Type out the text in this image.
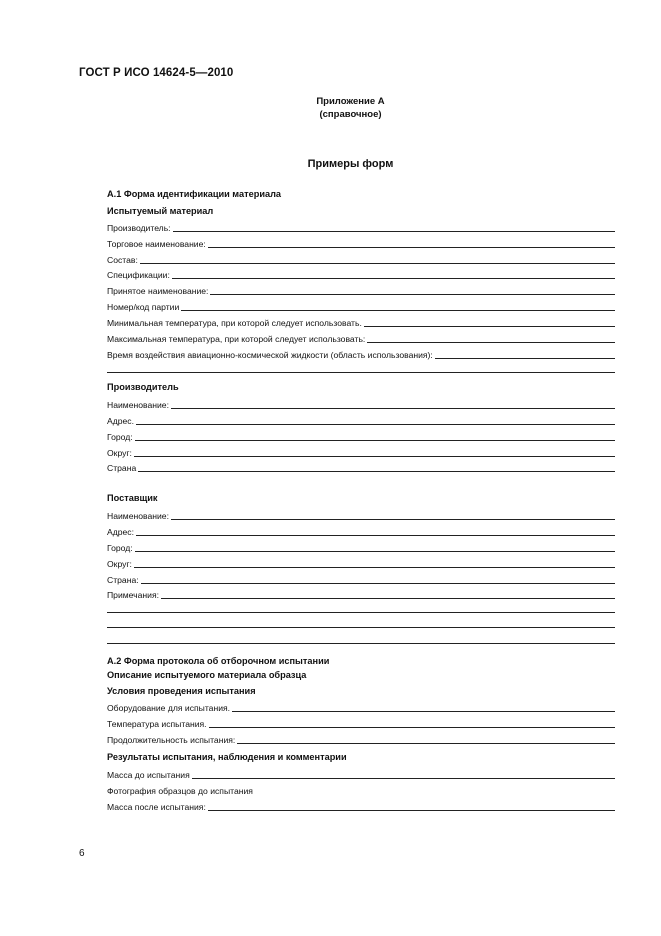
ГОСТ Р ИСО 14624-5—2010
Приложение А
(справочное)
Примеры форм
А.1 Форма идентификации материала
Испытуемый материал
Производитель:
Торговое наименование:
Состав:
Спецификации:
Принятое наименование:
Номер/код партии
Минимальная температура, при которой следует использовать.
Максимальная температура, при которой следует использовать:
Время воздействия авиационно-космической жидкости (область использования):
Производитель
Наименование:
Адрес.
Город:
Округ:
Страна
Поставщик
Наименование:
Адрес:
Город:
Округ:
Страна:
Примечания:
А.2 Форма протокола об отборочном испытании
Описание испытуемого материала образца
Условия проведения испытания
Оборудование для испытания.
Температура испытания.
Продолжительность испытания:
Результаты испытания, наблюдения и комментарии
Масса до испытания
Фотография образцов до испытания
Масса после испытания:
6
